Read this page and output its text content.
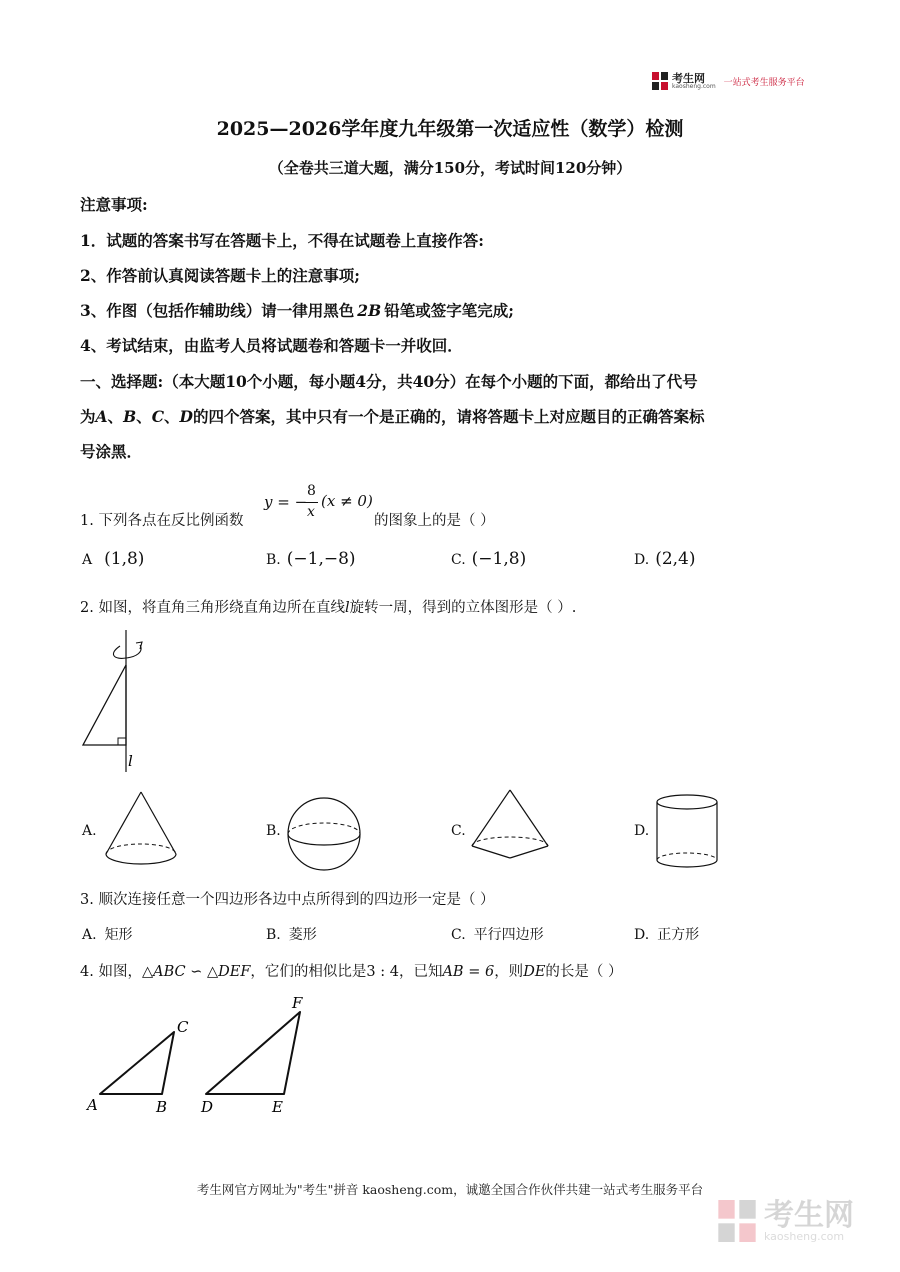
考生网
kaosheng.com 一站式考生服务平台
2025—2026学年度九年级第一次适应性（数学）检测
（全卷共三道大题，满分150分，考试时间120分钟）
注意事项:
1．试题的答案书写在答题卡上，不得在试题卷上直接作答:
2、作答前认真阅读答题卡上的注意事项;
3、作图（包括作辅助线）请一律用黑色 2B 铅笔或签字笔完成;
4、考试结束，由监考人员将试题卷和答题卡一并收回．
一、选择题:（本大题10个小题，每小题4分，共40分）在每个小题的下面，都给出了代号
为A、B、C、D的四个答案，其中只有一个是正确的，请将答题卡上对应题目的正确答案标
号涂黑．
1. 下列各点在反比例函数
y = −
8
x
(x ≠ 0)
的图象上的是（ ）
A (1,8)	B. (−1,−8)	C. (−1,8)	D. (2,4)
2. 如图，将直角三角形绕直角边所在直线l旋转一周，得到的立体图形是（ ）.
l
A.	B.	C.	D.
3. 顺次连接任意一个四边形各边中点所得到的四边形一定是（ ）
A. 矩形	B. 菱形	C. 平行四边形	D. 正方形
4. 如图，△ABC ∽ △DEF，它们的相似比是3 : 4，已知AB = 6，则DE的长是（ ）
A	B
C
D	E
F
考生网官方网址为"考生"拼音 kaosheng.com，诚邀全国合作伙伴共建一站式考生服务平台
考生网
kaosheng.com
